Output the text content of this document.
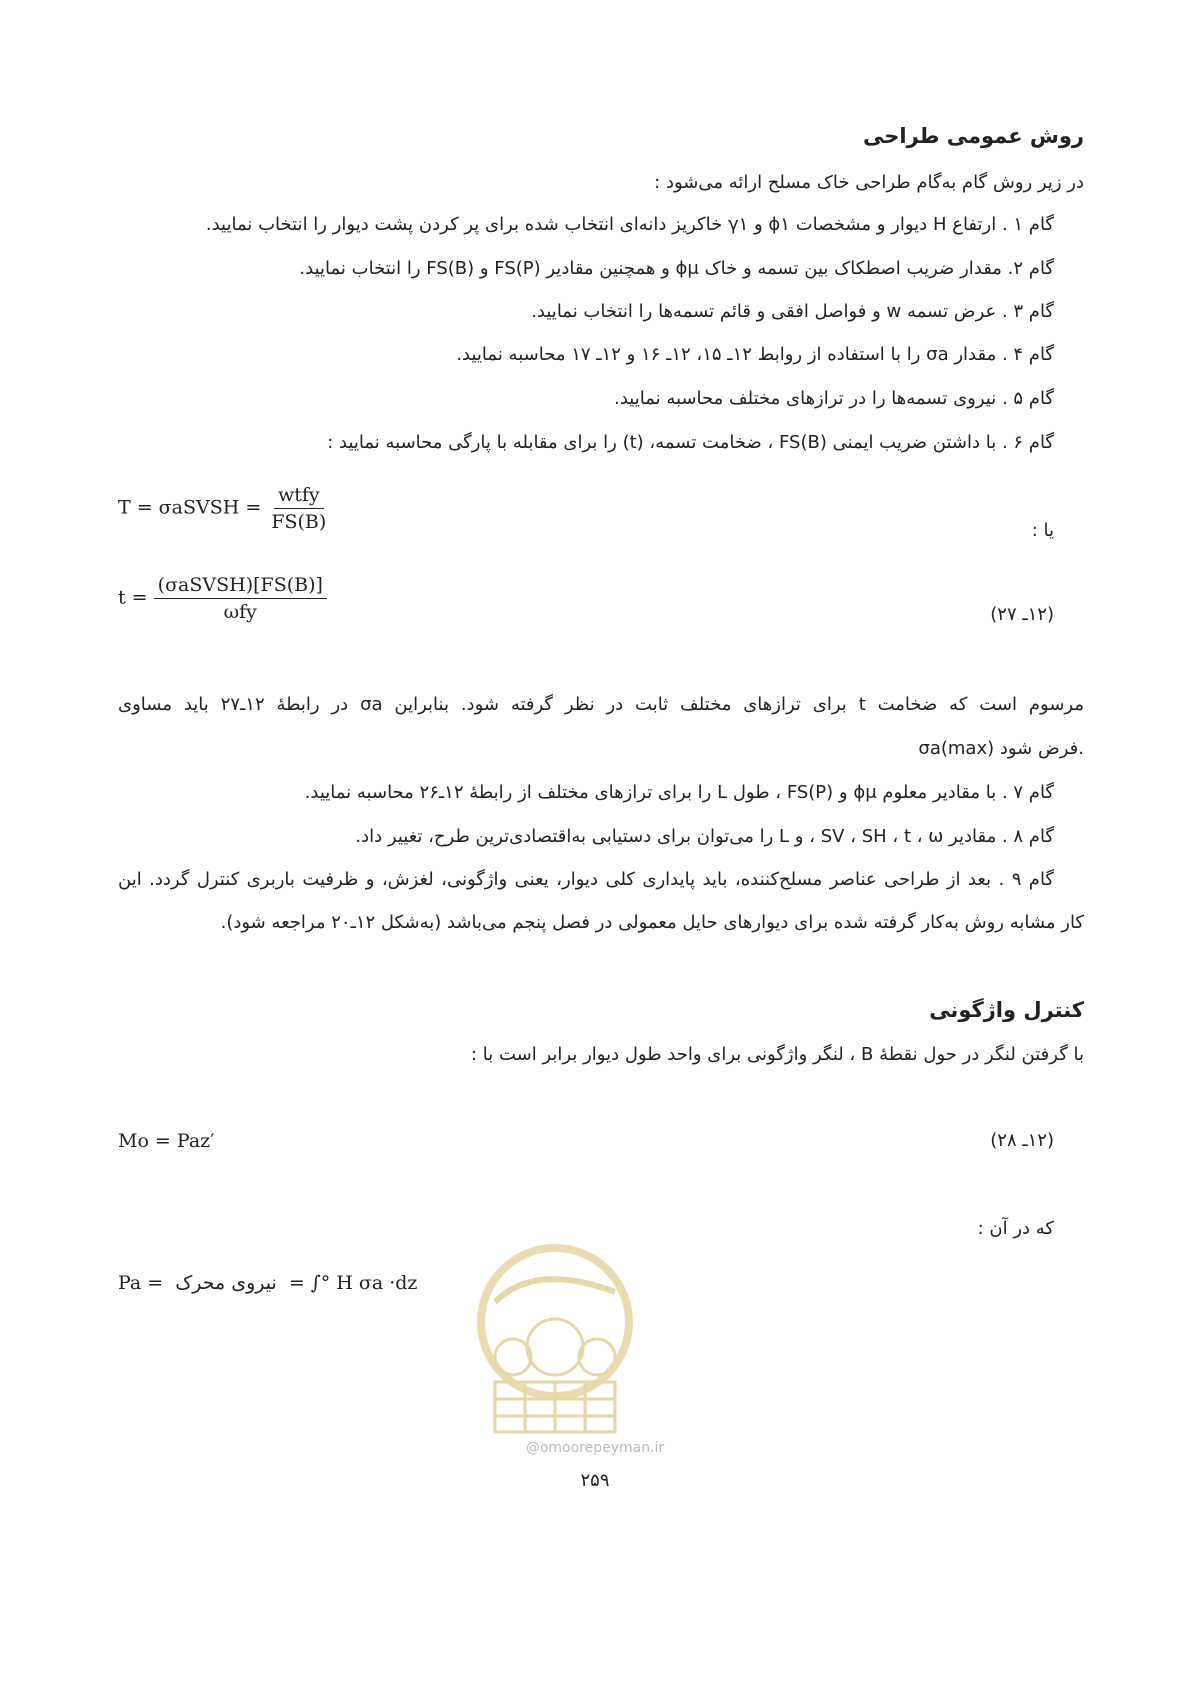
روش عمومی طراحی
در زیر روش گام به‌گام طراحی خاک مسلح ارائه می‌شود :
گام ۱ . ارتفاع H دیوار و مشخصات ϕ۱ و γ۱ خاکریز دانه‌ای انتخاب شده برای پر کردن پشت دیوار را انتخاب نمایید.
گام ۲. مقدار ضریب اصطکاک بین تسمه و خاک ϕμ و همچنین مقادیر FS(P) و FS(B) را انتخاب نمایید.
گام ۳ . عرض تسمه w و فواصل افقی و قائم تسمه‌ها را انتخاب نمایید.
گام ۴ . مقدار σa را با استفاده از روابط ۱۲ـ ۱۵، ۱۲ـ ۱۶ و ۱۲ـ ۱۷ محاسبه نمایید.
گام ۵ . نیروی تسمه‌ها را در ترازهای مختلف محاسبه نمایید.
گام ۶ . با داشتن ضریب ایمنی FS(B) ، ضخامت تسمه، (t) را برای مقابله با پارگی محاسبه نمایید :
T = σaSVSH = $\frac{\text{wtfy}}{FS(B)}$	یا :
$t = \frac{\text{(σaSVSH)[FS(B)]}}{\text{ωfy}}$	(۱۲ـ ۲۷)
مرسوم است که ضخامت t برای ترازهای مختلف ثابت در نظر گرفته شود. بنابراین σa در رابطهٔ ۱۲ـ۲۷ باید مساوی
σa(max) فرض شود.
گام ۷ . با مقادیر معلوم ϕμ و FS(P) ، طول L را برای ترازهای مختلف از رابطهٔ ۱۲ـ۲۶ محاسبه نمایید.
گام ۸ . مقادیر SV ، SH ، t ، ω ، و L را می‌توان برای دستیابی به‌اقتصادی‌ترین طرح، تغییر داد.
گام ۹ . بعد از طراحی عناصر مسلح‌کننده، باید پایداری کلی دیوار، یعنی واژگونی، لغزش، و ظرفیت باربری کنترل گردد. این
کار مشابه روش به‌کار گرفته شده برای دیوارهای حایل معمولی در فصل پنجم می‌باشد (به‌شکل ۱۲ـ۲۰ مراجعه شود).
کنترل واژگونی
با گرفتن لنگر در حول نقطهٔ B ، لنگر واژگونی برای واحد طول دیوار برابر است با :
Mo = Paz′	(۱۲ـ ۲۸)
که در آن :
Pa = نیروی محرک = ∫° H σa ·dz
@omoorepeyman.ir
۲۵۹
